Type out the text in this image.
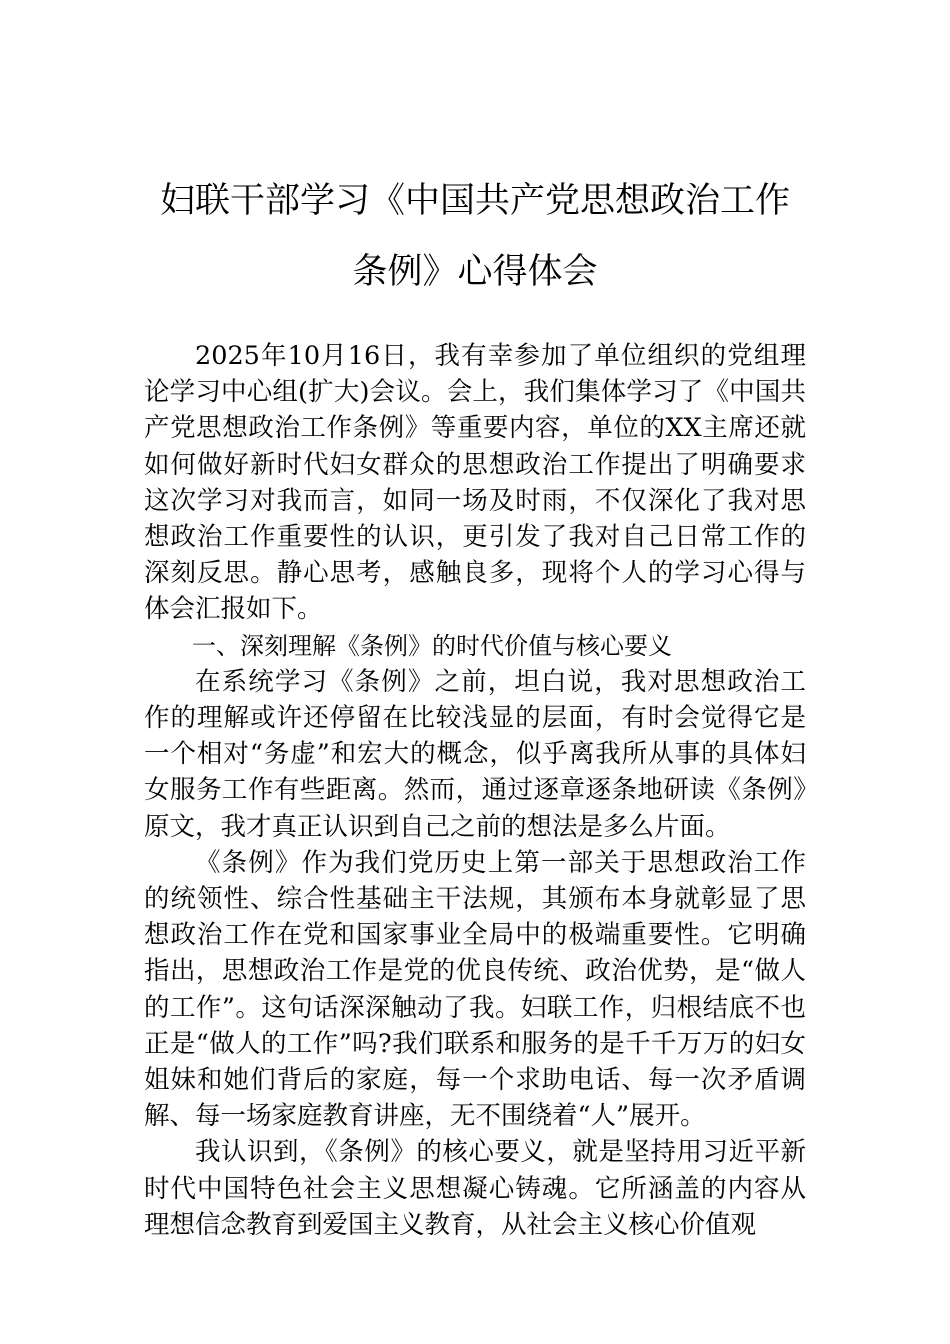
妇联干部学习《中国共产党思想政治工作
条例》心得体会

2025年10月16日，我有幸参加了单位组织的党组理论学习中心组(扩大)会议。会上，我们集体学习了《中国共产党思想政治工作条例》等重要内容，单位的XX主席还就如何做好新时代妇女群众的思想政治工作提出了明确要求这次学习对我而言，如同一场及时雨，不仅深化了我对思想政治工作重要性的认识，更引发了我对自己日常工作的深刻反思。静心思考，感触良多，现将个人的学习心得与体会汇报如下。

一、深刻理解《条例》的时代价值与核心要义

在系统学习《条例》之前，坦白说，我对思想政治工作的理解或许还停留在比较浅显的层面，有时会觉得它是一个相对“务虚”和宏大的概念，似乎离我所从事的具体妇女服务工作有些距离。然而，通过逐章逐条地研读《条例》原文，我才真正认识到自己之前的想法是多么片面。

《条例》作为我们党历史上第一部关于思想政治工作的统领性、综合性基础主干法规，其颁布本身就彰显了思想政治工作在党和国家事业全局中的极端重要性。它明确指出，思想政治工作是党的优良传统、政治优势，是“做人的工作”。这句话深深触动了我。妇联工作，归根结底不也正是“做人的工作”吗?我们联系和服务的是千千万万的妇女姐妹和她们背后的家庭，每一个求助电话、每一次矛盾调解、每一场家庭教育讲座，无不围绕着“人”展开。

我认识到，《条例》的核心要义，就是坚持用习近平新时代中国特色社会主义思想凝心铸魂。它所涵盖的内容从理想信念教育到爱国主义教育，从社会主义核心价值观
